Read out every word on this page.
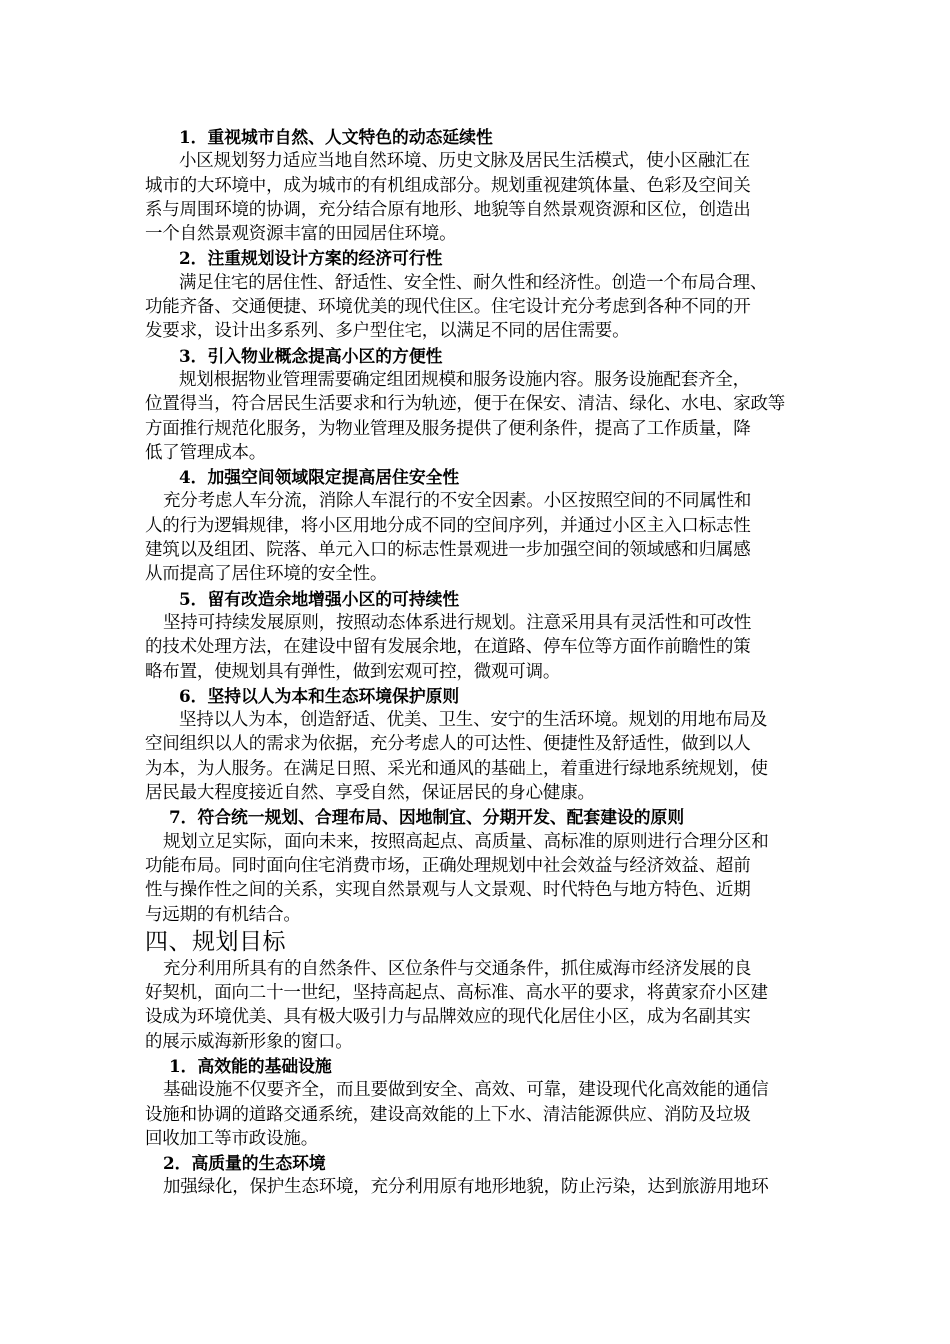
1．重视城市自然、人文特色的动态延续性
小区规划努力适应当地自然环境、历史文脉及居民生活模式，使小区融汇在
城市的大环境中，成为城市的有机组成部分。规划重视建筑体量、色彩及空间关
系与周围环境的协调，充分结合原有地形、地貌等自然景观资源和区位，创造出
一个自然景观资源丰富的田园居住环境。
2．注重规划设计方案的经济可行性
满足住宅的居住性、舒适性、安全性、耐久性和经济性。创造一个布局合理、
功能齐备、交通便捷、环境优美的现代住区。住宅设计充分考虑到各种不同的开
发要求，设计出多系列、多户型住宅，以满足不同的居住需要。
3．引入物业概念提高小区的方便性
规划根据物业管理需要确定组团规模和服务设施内容。服务设施配套齐全，
位置得当，符合居民生活要求和行为轨迹，便于在保安、清洁、绿化、水电、家政等
方面推行规范化服务，为物业管理及服务提供了便利条件，提高了工作质量，降
低了管理成本。
4．加强空间领域限定提高居住安全性
充分考虑人车分流，消除人车混行的不安全因素。小区按照空间的不同属性和
人的行为逻辑规律，将小区用地分成不同的空间序列，并通过小区主入口标志性
建筑以及组团、院落、单元入口的标志性景观进一步加强空间的领域感和归属感
从而提高了居住环境的安全性。
5．留有改造余地增强小区的可持续性
坚持可持续发展原则，按照动态体系进行规划。注意采用具有灵活性和可改性
的技术处理方法，在建设中留有发展余地，在道路、停车位等方面作前瞻性的策
略布置，使规划具有弹性，做到宏观可控，微观可调。
6．坚持以人为本和生态环境保护原则
坚持以人为本，创造舒适、优美、卫生、安宁的生活环境。规划的用地布局及
空间组织以人的需求为依据，充分考虑人的可达性、便捷性及舒适性，做到以人
为本，为人服务。在满足日照、采光和通风的基础上，着重进行绿地系统规划，使
居民最大程度接近自然、享受自然，保证居民的身心健康。
7．符合统一规划、合理布局、因地制宜、分期开发、配套建设的原则
规划立足实际，面向未来，按照高起点、高质量、高标准的原则进行合理分区和
功能布局。同时面向住宅消费市场，正确处理规划中社会效益与经济效益、超前
性与操作性之间的关系，实现自然景观与人文景观、时代特色与地方特色、近期
与远期的有机结合。
四、规划目标
充分利用所具有的自然条件、区位条件与交通条件，抓住威海市经济发展的良
好契机，面向二十一世纪，坚持高起点、高标准、高水平的要求，将黄家夼小区建
设成为环境优美、具有极大吸引力与品牌效应的现代化居住小区，成为名副其实
的展示威海新形象的窗口。
1．高效能的基础设施
基础设施不仅要齐全，而且要做到安全、高效、可靠，建设现代化高效能的通信
设施和协调的道路交通系统，建设高效能的上下水、清洁能源供应、消防及垃圾
回收加工等市政设施。
2．高质量的生态环境
加强绿化，保护生态环境，充分利用原有地形地貌，防止污染，达到旅游用地环
